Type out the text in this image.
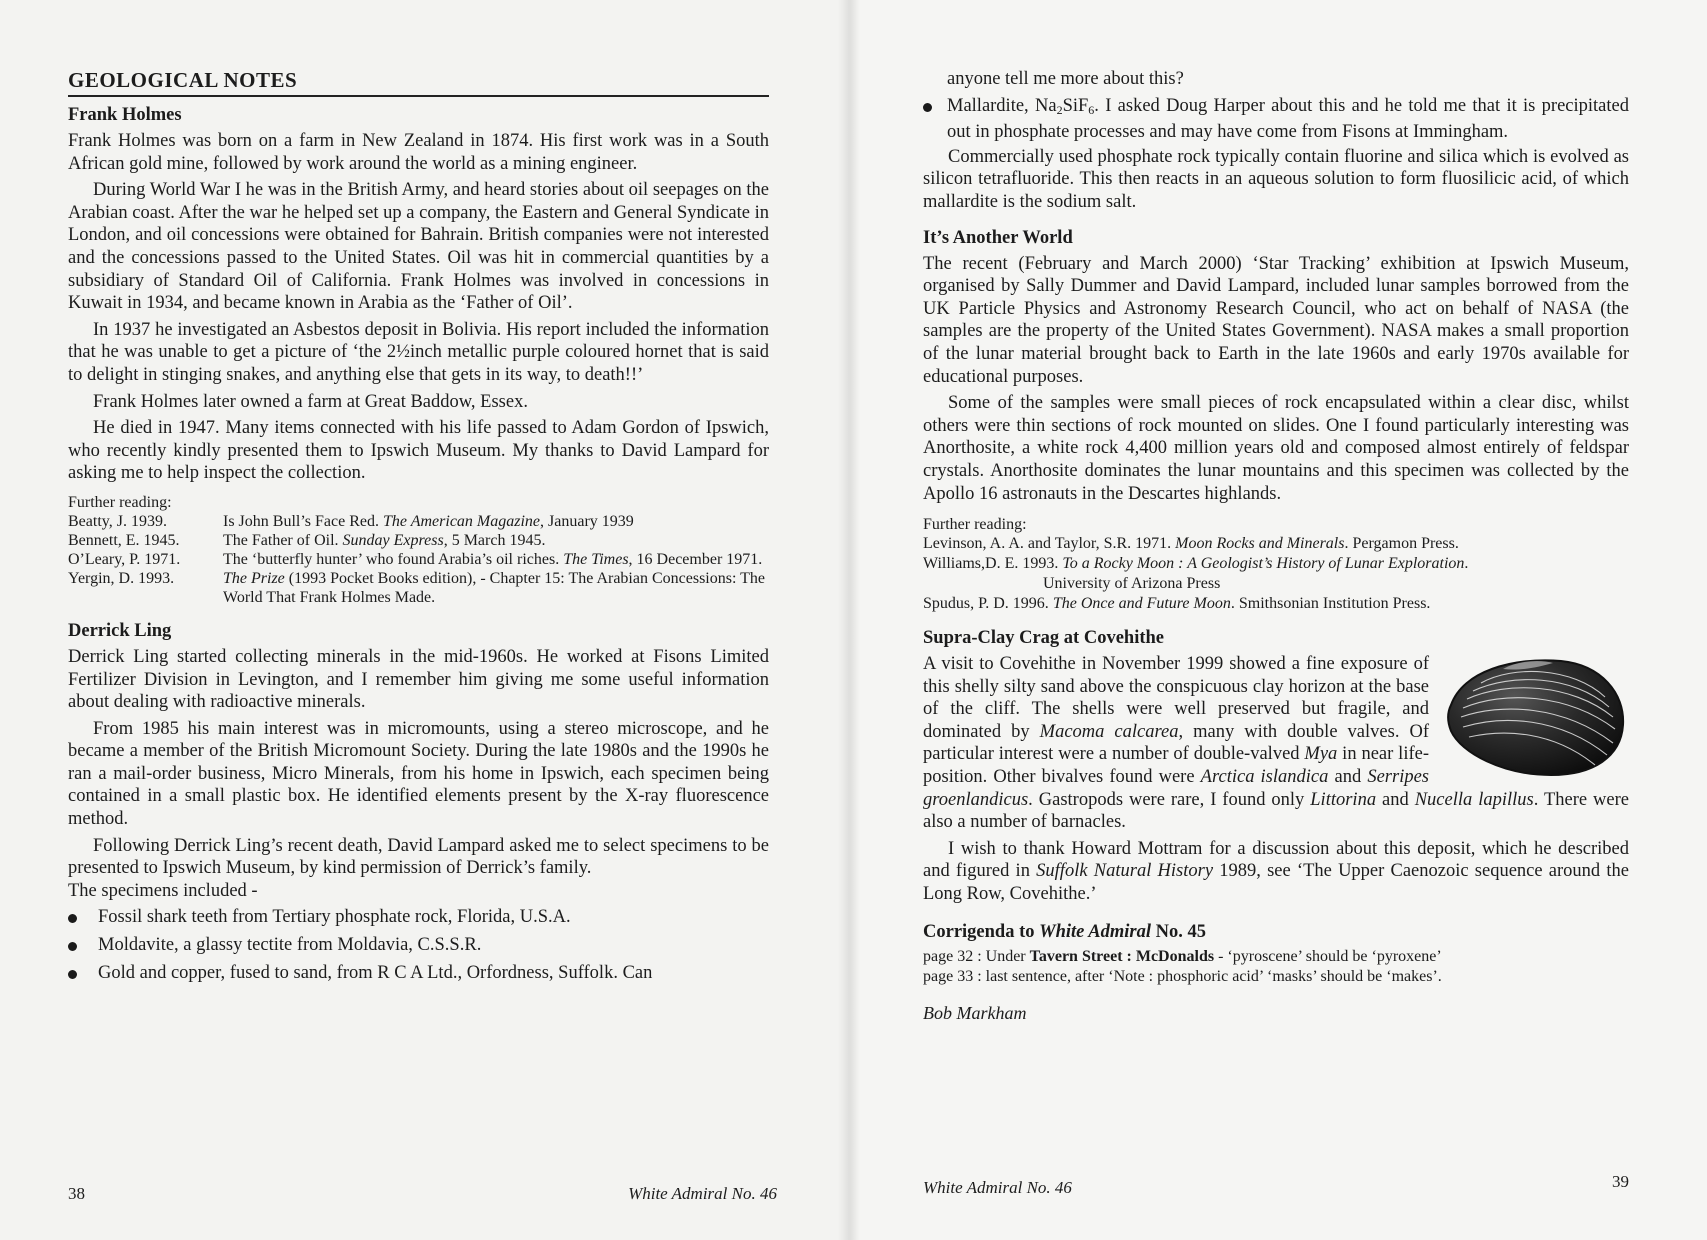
GEOLOGICAL NOTES
Frank Holmes

Frank Holmes was born on a farm in New Zealand in 1874. His first work was in a South African gold mine, followed by work around the world as a mining engineer.

During World War I he was in the British Army, and heard stories about oil seepages on the Arabian coast. After the war he helped set up a company, the Eastern and General Syndicate in London, and oil concessions were obtained for Bahrain. British companies were not interested and the concessions passed to the United States. Oil was hit in commercial quantities by a subsidiary of Standard Oil of California. Frank Holmes was involved in concessions in Kuwait in 1934, and became known in Arabia as the ‘Father of Oil’.

In 1937 he investigated an Asbestos deposit in Bolivia. His report included the information that he was unable to get a picture of ‘the 2½inch metallic purple coloured hornet that is said to delight in stinging snakes, and anything else that gets in its way, to death!!’

Frank Holmes later owned a farm at Great Baddow, Essex.

He died in 1947. Many items connected with his life passed to Adam Gordon of Ipswich, who recently kindly presented them to Ipswich Museum. My thanks to David Lampard for asking me to help inspect the collection.

Further reading:
Beatty, J. 1939.	Is John Bull’s Face Red. The American Magazine, January 1939
Bennett, E. 1945.	The Father of Oil. Sunday Express, 5 March 1945.
O’Leary, P. 1971.	The ‘butterfly hunter’ who found Arabia’s oil riches. The Times, 16 December 1971.
Yergin, D. 1993.	The Prize (1993 Pocket Books edition), - Chapter 15: The Arabian Concessions: The World That Frank Holmes Made.
Derrick Ling

Derrick Ling started collecting minerals in the mid-1960s. He worked at Fisons Limited Fertilizer Division in Levington, and I remember him giving me some useful information about dealing with radioactive minerals.

From 1985 his main interest was in micromounts, using a stereo microscope, and he became a member of the British Micromount Society. During the late 1980s and the 1990s he ran a mail-order business, Micro Minerals, from his home in Ipswich, each specimen being contained in a small plastic box. He identified elements present by the X-ray fluorescence method.

Following Derrick Ling’s recent death, David Lampard asked me to select specimens to be presented to Ipswich Museum, by kind permission of Derrick’s family.

The specimens included -

Fossil shark teeth from Tertiary phosphate rock, Florida, U.S.A.
Moldavite, a glassy tectite from Moldavia, C.S.S.R.
Gold and copper, fused to sand, from R C A Ltd., Orfordness, Suffolk. Can
38	White Admiral No. 46

anyone tell me more about this?

Mallardite, $Na_2SiF_6$. I asked Doug Harper about this and he told me that it is precipitated out in phosphate processes and may have come from Fisons at Immingham.

Commercially used phosphate rock typically contain fluorine and silica which is evolved as silicon tetrafluoride. This then reacts in an aqueous solution to form fluosilicic acid, of which mallardite is the sodium salt.

It’s Another World

The recent (February and March 2000) ‘Star Tracking’ exhibition at Ipswich Museum, organised by Sally Dummer and David Lampard, included lunar samples borrowed from the UK Particle Physics and Astronomy Research Council, who act on behalf of NASA (the samples are the property of the United States Government). NASA makes a small proportion of the lunar material brought back to Earth in the late 1960s and early 1970s available for educational purposes.

Some of the samples were small pieces of rock encapsulated within a clear disc, whilst others were thin sections of rock mounted on slides. One I found particularly interesting was Anorthosite, a white rock 4,400 million years old and composed almost entirely of feldspar crystals. Anorthosite dominates the lunar mountains and this specimen was collected by the Apollo 16 astronauts in the Descartes highlands.

Further reading:
Levinson, A. A. and Taylor, S.R. 1971. Moon Rocks and Minerals. Pergamon Press.
Williams,D. E. 1993. To a Rocky Moon : A Geologist’s History of Lunar Exploration.
University of Arizona Press
Spudus, P. D. 1996. The Once and Future Moon. Smithsonian Institution Press.
Supra-Clay Crag at Covehithe

A visit to Covehithe in November 1999 showed a fine exposure of this shelly silty sand above the conspicuous clay horizon at the base of the cliff. The shells were well preserved but fragile, and dominated by Macoma calcarea, many with double valves. Of particular interest were a number of double-valved Mya in near life-position. Other bivalves found were Arctica islandica and Serripes groenlandicus. Gastropods were rare, I found only Littorina and Nucella lapillus. There were also a number of barnacles.

I wish to thank Howard Mottram for a discussion about this deposit, which he described and figured in Suffolk Natural History 1989, see ‘The Upper Caenozoic sequence around the Long Row, Covehithe.’

Corrigenda to White Admiral No. 45
page 32 : Under Tavern Street : McDonalds - ‘pyroscene’ should be ‘pyroxene’
page 33 : last sentence, after ‘Note : phosphoric acid’ ‘masks’ should be ‘makes’.
Bob Markham
White Admiral No. 46	39
